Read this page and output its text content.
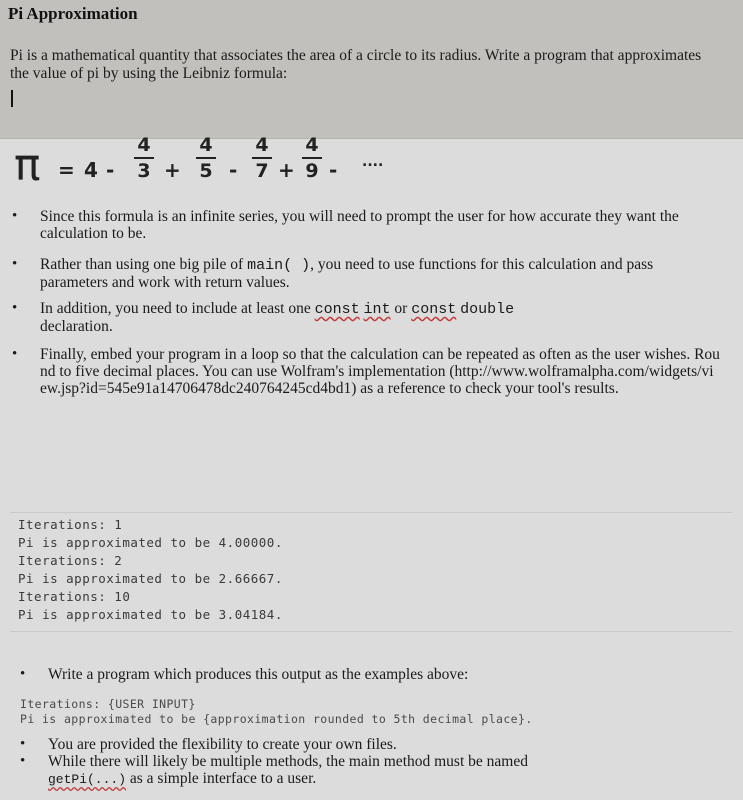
Pi Approximation
Pi is a mathematical quantity that associates the area of a circle to its radius. Write a program that approximates the value of pi by using the Leibniz formula:
π = 4 -
4
3 +
4
5 -
4
7 +
4
9 - ....
• Since this formula is an infinite series, you will need to prompt the user for how accurate they want the calculation to be.
• Rather than using one big pile of main( ), you need to use functions for this calculation and pass parameters and work with return values.
• In addition, you need to include at least one const int or const double
declaration.
• Finally, embed your program in a loop so that the calculation can be repeated as often as the user wishes. Round to five decimal places. You can use Wolfram's implementation (http://www.wolframalpha.com/widgets/view.jsp?id=545e91a14706478dc240764245cd4bd1) as a reference to check your tool's results.
Iterations: 1
Pi is approximated to be 4.00000.
Iterations: 2
Pi is approximated to be 2.66667.
Iterations: 10
Pi is approximated to be 3.04184.
• Write a program which produces this output as the examples above:
Iterations: {USER INPUT}
Pi is approximated to be {approximation rounded to 5th decimal place}.
• You are provided the flexibility to create your own files.
• While there will likely be multiple methods, the main method must be named
getPi(...) as a simple interface to a user.
